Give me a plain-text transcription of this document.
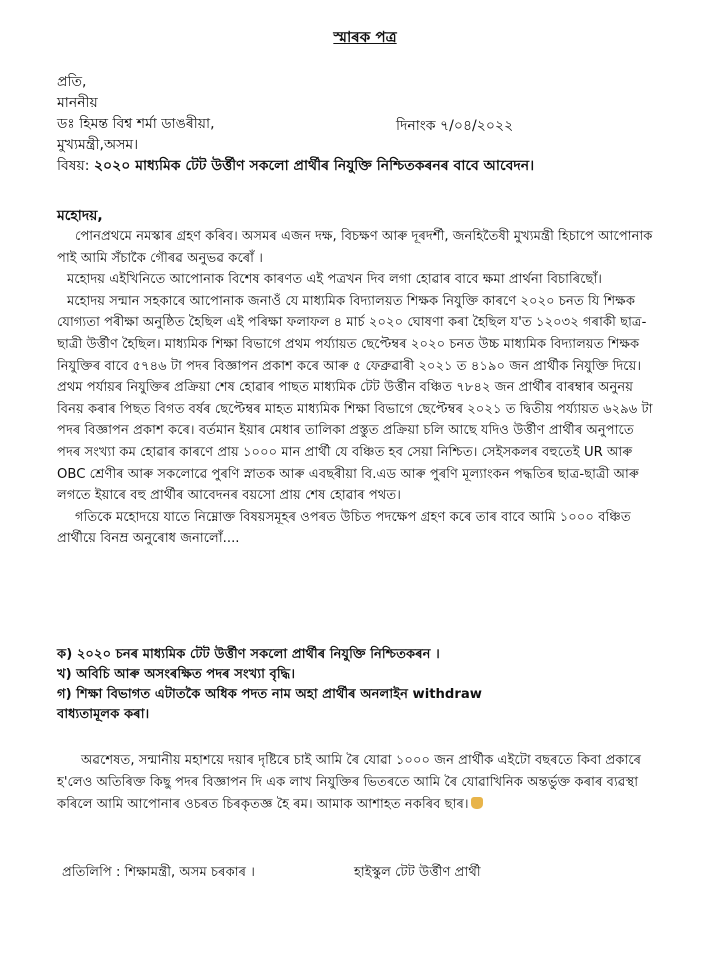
স্মাৰক পত্ৰ
প্ৰতি,
মাননীয়
ডঃ হিমন্ত বিশ্ব শৰ্মা ডাঙৰীয়া,
মুখ্যমন্ত্ৰী,অসম।
বিষয়: ২০২০ মাধ্যমিক টেট উৰ্ত্তীণ সকলো প্ৰাৰ্থীৰ নিযুক্তি নিশ্চিতকৰনৰ বাবে আবেদন।
দিনাংক ৭/০৪/২০২২
মহোদয়,

পোনপ্ৰথমে নমস্কাৰ গ্ৰহণ কৰিব। অসমৰ এজন দক্ষ, বিচক্ষণ আৰু দূৰদৰ্শী, জনহিতৈষী মুখ্যমন্ত্ৰী হিচাপে আপোনাক পাই আমি সঁচাকৈ গৌৰৱ অনুভৱ কৰোঁ ।

মহোদয় এইখিনিতে আপোনাক বিশেষ কাৰণত এই পত্ৰখন দিব লগা হোৱাৰ বাবে ক্ষমা প্ৰাৰ্থনা বিচাৰিছোঁ।

মহোদয় সন্মান সহকাৰে আপোনাক জনাওঁ যে মাধ্যমিক বিদ্যালয়ত শিক্ষক নিযুক্তি কাৰণে ২০২০ চনত যি শিক্ষক যোগ্যতা পৰীক্ষা অনুষ্ঠিত হৈছিল এই পৰিক্ষা ফলাফল ৪ মাৰ্চ ২০২০ ঘোষণা কৰা হৈছিল য'ত ১২০৩২ গৰাকী ছাত্ৰ-ছাত্ৰী উৰ্ত্তীণ হৈছিল। মাধ্যমিক শিক্ষা বিভাগে প্ৰথম পৰ্য্যায়ত ছেপ্টেম্বৰ ২০২০ চনত উচ্চ মাধ্যমিক বিদ্যালয়ত শিক্ষক নিযুক্তিৰ বাবে ৫৭৪৬ টা পদৰ বিজ্ঞাপন প্ৰকাশ কৰে আৰু ৫ ফেব্ৰুৱাৰী ২০২১ ত ৪১৯০ জন প্ৰাৰ্থীক নিযুক্তি দিয়ে। প্ৰথম পৰ্যায়ৰ নিযুক্তিৰ প্ৰক্ৰিয়া শেষ হোৱাৰ পাছত মাধ্যমিক টেট উৰ্ত্তীন বঞ্চিত ৭৮৪২ জন প্ৰাৰ্থীৰ বাৰম্বাৰ অনুনয় বিনয় কৰাৰ পিছত বিগত বৰ্ষৰ ছেপ্টেম্বৰ মাহত মাধ্যমিক শিক্ষা বিভাগে ছেপ্টেম্বৰ ২০২১ ত দ্বিতীয় পৰ্য্যায়ত ৬২৯৬ টা পদৰ বিজ্ঞাপন প্ৰকাশ কৰে। বৰ্তমান ইয়াৰ মেধাৰ তালিকা প্ৰস্তুত প্ৰক্ৰিয়া চলি আছে যদিও উৰ্ত্তীণ প্ৰাৰ্থীৰ অনুপাতে পদৰ সংখ্যা কম হোৱাৰ কাৰণে প্ৰায় ১০০০ মান প্ৰাৰ্থী যে বঞ্চিত হব সেয়া নিশ্চিত। সেইসকলৰ বহুতেই UR আৰু OBC শ্ৰেণীৰ আৰু সকলোৱে পুৰণি স্নাতক আৰু এবছৰীয়া বি.এড আৰু পুৰণি মূল্যাংকন পদ্ধতিৰ ছাত্ৰ-ছাত্ৰী আৰু লগতে ইয়াৰে বহু প্ৰাৰ্থীৰ আবেদনৰ বয়সো প্ৰায় শেষ হোৱাৰ পথত।

গতিকে মহোদয়ে যাতে নিম্নোক্ত বিষয়সমূহৰ ওপৰত উচিত পদক্ষেপ গ্ৰহণ কৰে তাৰ বাবে আমি ১০০০ বঞ্চিত প্ৰাৰ্থীয়ে বিনম্ৰ অনুৰোধ জনালোঁ....

ক) ২০২০ চনৰ মাধ্যমিক টেট উৰ্ত্তীণ সকলো প্ৰাৰ্থীৰ নিযুক্তি নিশ্চিতকৰন ।
খ) অবিচি আৰু অসংৰক্ষিত পদৰ সংখ্যা বৃদ্ধি।
গ) শিক্ষা বিভাগত এটাতকৈ অধিক পদত নাম অহা প্ৰাৰ্থীৰ অনলাইন withdraw
বাধ্যতামূলক কৰা।

অৱশেষত, সন্মানীয় মহাশয়ে দয়াৰ দৃষ্টিৰে চাই আমি ৰৈ যোৱা ১০০০ জন প্ৰাৰ্থীক এইটো বছৰতে কিবা প্ৰকাৰে হ'লেও অতিৰিক্ত কিছু পদৰ বিজ্ঞাপন দি এক লাখ নিযুক্তিৰ ভিতৰতে আমি ৰৈ যোৱাখিনিক অন্তৰ্ভুক্ত কৰাৰ ব্যৱস্থা কৰিলে আমি আপোনাৰ ওচৰত চিৰকৃতজ্ঞ হৈ ৰম। আমাক আশাহত নকৰিব ছাৰ।

প্ৰতিলিপি : শিক্ষামন্ত্ৰী, অসম চৰকাৰ ।	হাইস্কুল টেট উৰ্ত্তীণ প্ৰাৰ্থী
